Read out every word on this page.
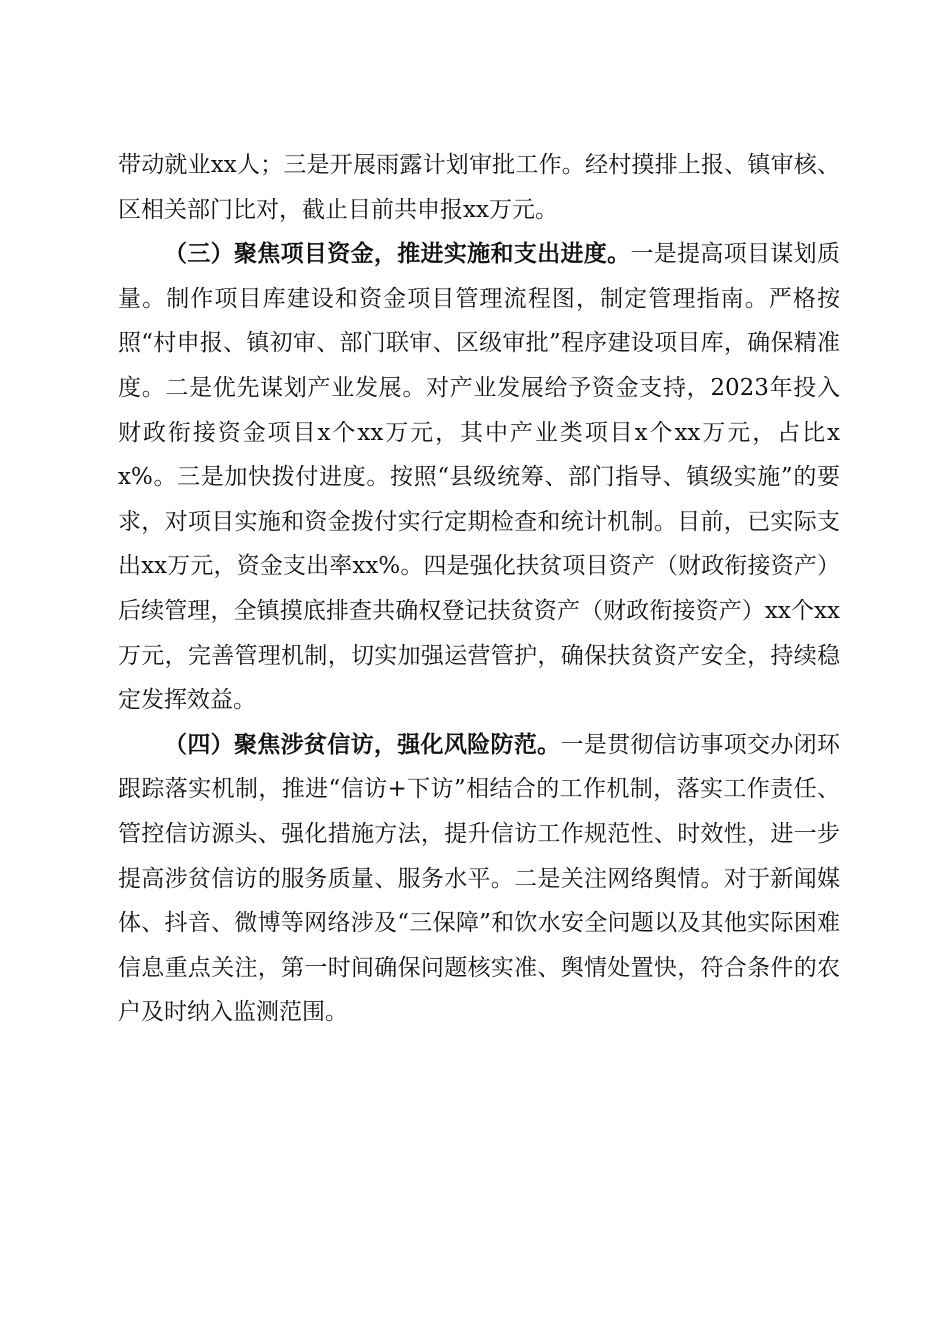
带动就业xx人；三是开展雨露计划审批工作。经村摸排上报、镇审核、区相关部门比对，截止目前共申报xx万元。

（三）聚焦项目资金，推进实施和支出进度。一是提高项目谋划质量。制作项目库建设和资金项目管理流程图，制定管理指南。严格按照“村申报、镇初审、部门联审、区级审批”程序建设项目库，确保精准度。二是优先谋划产业发展。对产业发展给予资金支持，2023年投入财政衔接资金项目x个xx万元，其中产业类项目x个xx万元，占比xx%。三是加快拨付进度。按照“县级统筹、部门指导、镇级实施”的要求，对项目实施和资金拨付实行定期检查和统计机制。目前，已实际支出xx万元，资金支出率xx%。四是强化扶贫项目资产（财政衔接资产）后续管理，全镇摸底排查共确权登记扶贫资产（财政衔接资产）xx个xx万元，完善管理机制，切实加强运营管护，确保扶贫资产安全，持续稳定发挥效益。

（四）聚焦涉贫信访，强化风险防范。一是贯彻信访事项交办闭环跟踪落实机制，推进“信访+下访”相结合的工作机制，落实工作责任、管控信访源头、强化措施方法，提升信访工作规范性、时效性，进一步提高涉贫信访的服务质量、服务水平。二是关注网络舆情。对于新闻媒体、抖音、微博等网络涉及“三保障”和饮水安全问题以及其他实际困难信息重点关注，第一时间确保问题核实准、舆情处置快，符合条件的农户及时纳入监测范围。
